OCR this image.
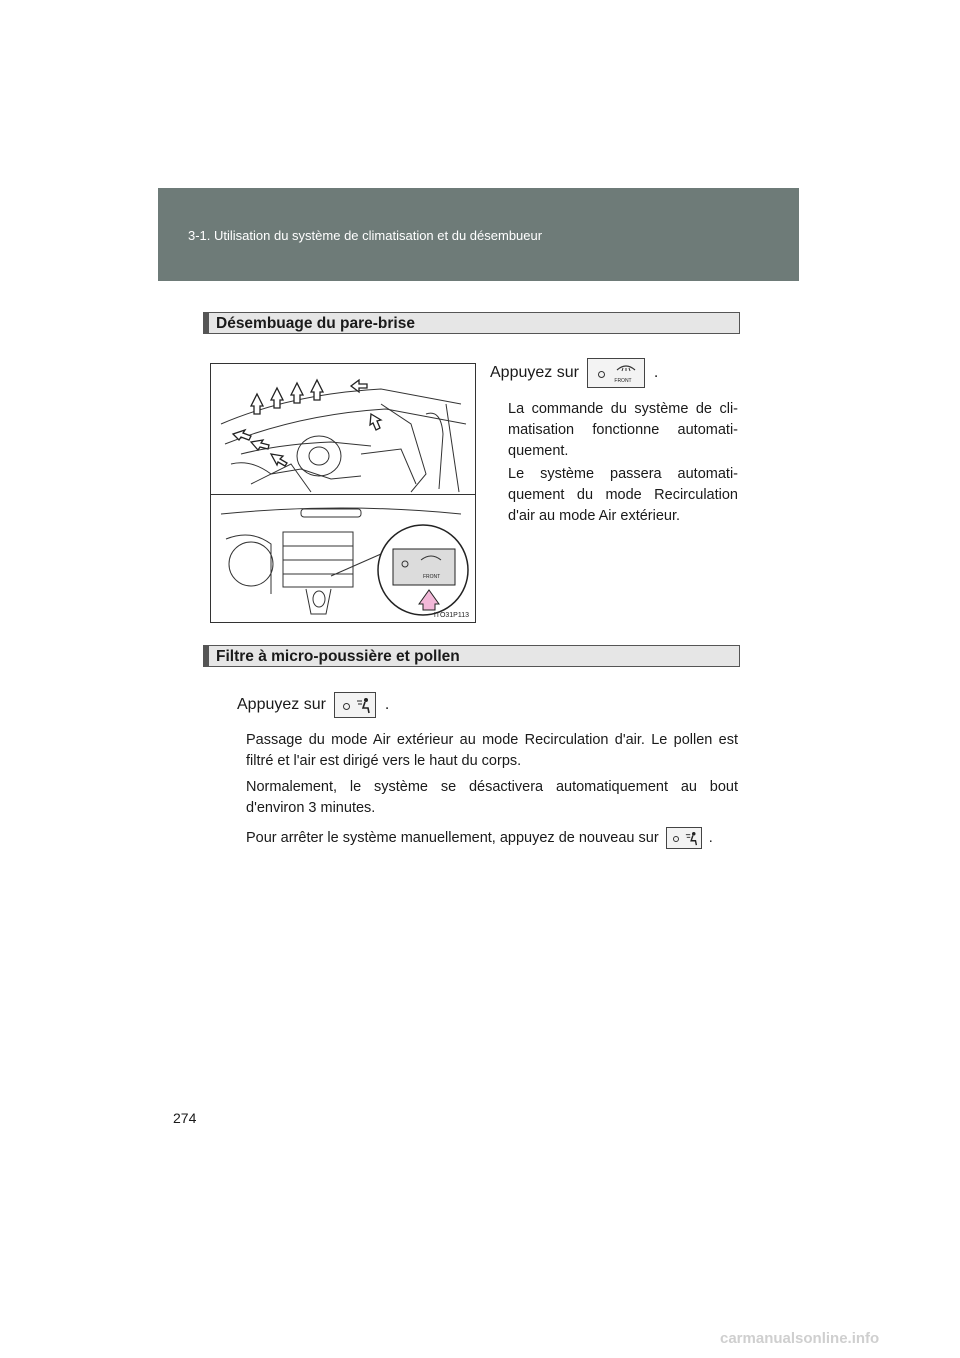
3-1. Utilisation du système de climatisation et du désembueur
Désembuage du pare-brise
FRONT
ITO31P113
Appuyez sur	FRONT .
La commande du système de cli-matisation fonctionne automati-quement.
Le système passera automati-quement du mode Recirculation d'air au mode Air extérieur.
Filtre à micro-poussière et pollen
Appuyez sur	.
Passage du mode Air extérieur au mode Recirculation d'air. Le pollen est filtré et l'air est dirigé vers le haut du corps.
Normalement, le système se désactivera automatiquement au bout d'environ 3 minutes.
Pour arrêter le système manuellement, appuyez de nouveau sur	.
274
carmanualsonline.info
